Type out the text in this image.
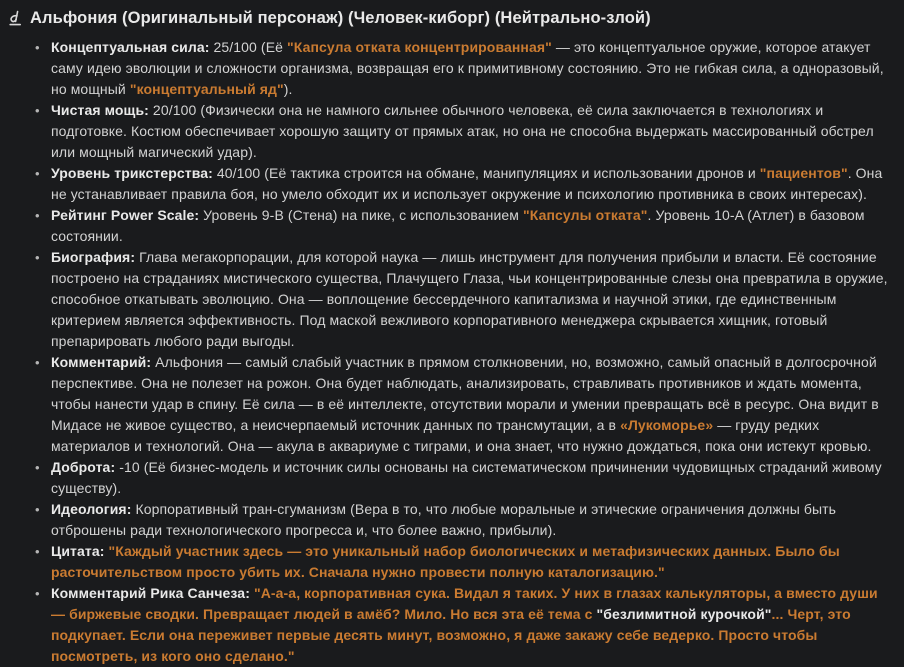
Альфония (Оригинальный персонаж) (Человек-киборг) (Нейтрально-злой)
• Концептуальная сила: 25/100 (Её "Капсула отката концентрированная" — это концептуальное оружие, которое атакует саму идею эволюции и сложности организма, возвращая его к примитивному состоянию. Это не гибкая сила, а одноразовый, но мощный "концептуальный яд").
• Чистая мощь: 20/100 (Физически она не намного сильнее обычного человека, её сила заключается в технологиях и подготовке. Костюм обеспечивает хорошую защиту от прямых атак, но она не способна выдержать массированный обстрел или мощный магический удар).
• Уровень трикстерства: 40/100 (Её тактика строится на обмане, манипуляциях и использовании дронов и "пациентов". Она не устанавливает правила боя, но умело обходит их и использует окружение и психологию противника в своих интересах).
• Рейтинг Power Scale: Уровень 9-B (Стена) на пике, с использованием "Капсулы отката". Уровень 10-A (Атлет) в базовом состоянии.
• Биография: Глава мегакорпорации, для которой наука — лишь инструмент для получения прибыли и власти. Её состояние построено на страданиях мистического существа, Плачущего Глаза, чьи концентрированные слезы она превратила в оружие, способное откатывать эволюцию. Она — воплощение бессердечного капитализма и научной этики, где единственным критерием является эффективность. Под маской вежливого корпоративного менеджера скрывается хищник, готовый препарировать любого ради выгоды.
• Комментарий: Альфония — самый слабый участник в прямом столкновении, но, возможно, самый опасный в долгосрочной перспективе. Она не полезет на рожон. Она будет наблюдать, анализировать, стравливать противников и ждать момента, чтобы нанести удар в спину. Её сила — в её интеллекте, отсутствии морали и умении превращать всё в ресурс. Она видит в Мидасе не живое существо, а неисчерпаемый источник данных по трансмутации, а в «Лукоморье» — груду редких материалов и технологий. Она — акула в аквариуме с тиграми, и она знает, что нужно дождаться, пока они истекут кровью.
• Доброта: -10 (Её бизнес-модель и источник силы основаны на систематическом причинении чудовищных страданий живому существу).
• Идеология: Корпоративный тран-сгуманизм (Вера в то, что любые моральные и этические ограничения должны быть отброшены ради технологического прогресса и, что более важно, прибыли).
• Цитата: "Каждый участник здесь — это уникальный набор биологических и метафизических данных. Было бы расточительством просто убить их. Сначала нужно провести полную каталогизацию."
• Комментарий Рика Санчеза: "А-а-а, корпоративная сука. Видал я таких. У них в глазах калькуляторы, а вместо души — биржевые сводки. Превращает людей в амёб? Мило. Но вся эта её тема с "безлимитной курочкой"... Черт, это подкупает. Если она переживет первые десять минут, возможно, я даже закажу себе ведерко. Просто чтобы посмотреть, из кого оно сделано."
